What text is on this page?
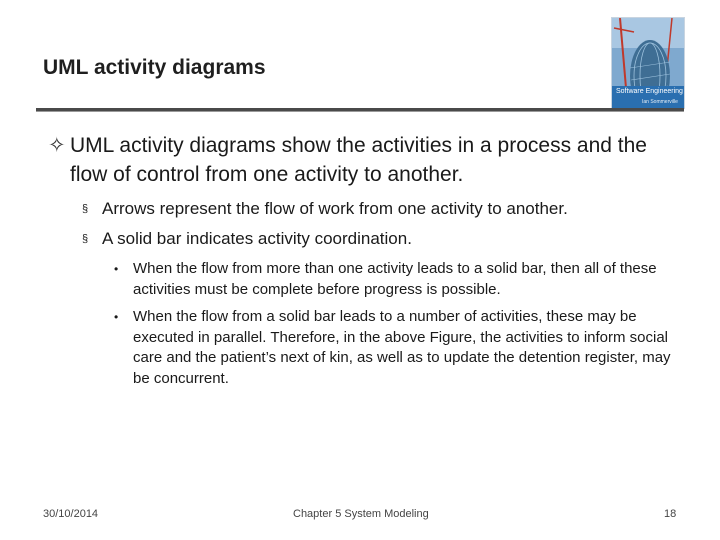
UML activity diagrams
Software Engineering
Ian Sommerville
✧ UML activity diagrams show the activities in a process and the flow of control from one activity to another.
§ Arrows represent the flow of work from one activity to another.
§ A solid bar indicates activity coordination.
• When the flow from more than one activity leads to a solid bar, then all of these activities must be complete before progress is possible.
• When the flow from a solid bar leads to a number of activities, these may be executed in parallel. Therefore, in the above Figure, the activities to inform social care and the patient’s next of kin, as well as to update the detention register, may be concurrent.
30/10/2014	Chapter 5 System Modeling	18
